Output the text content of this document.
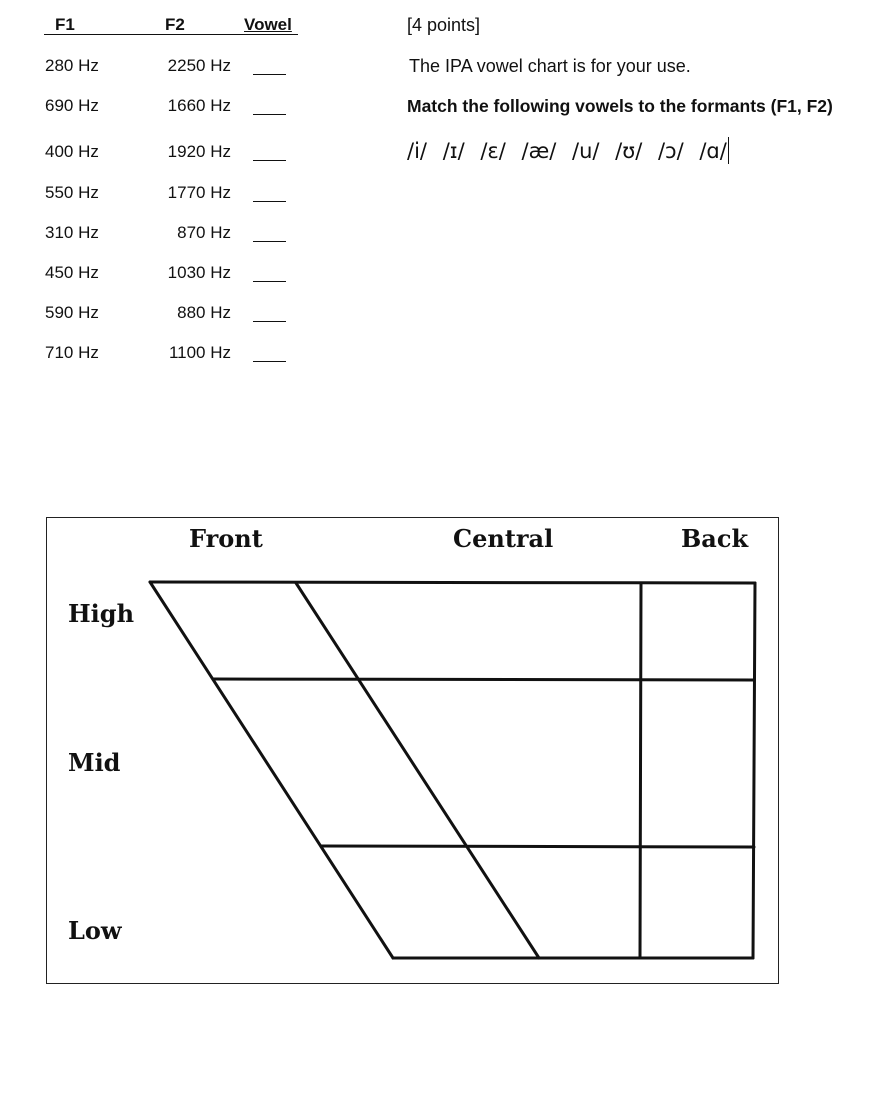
F1	F2	Vowel
280 Hz	2250 Hz
690 Hz	1660 Hz
400 Hz	1920 Hz
550 Hz	1770 Hz
310 Hz	870 Hz
450 Hz	1030 Hz
590 Hz	880 Hz
710 Hz	1100 Hz
[4 points]
The IPA vowel chart is for your use.
Match the following vowels to the formants (F1, F2)
/i/ /ɪ/ /ɛ/ /æ/ /u/ /ʊ/ /ɔ/ /ɑ/
Front	Central	Back
High
Mid
Low
